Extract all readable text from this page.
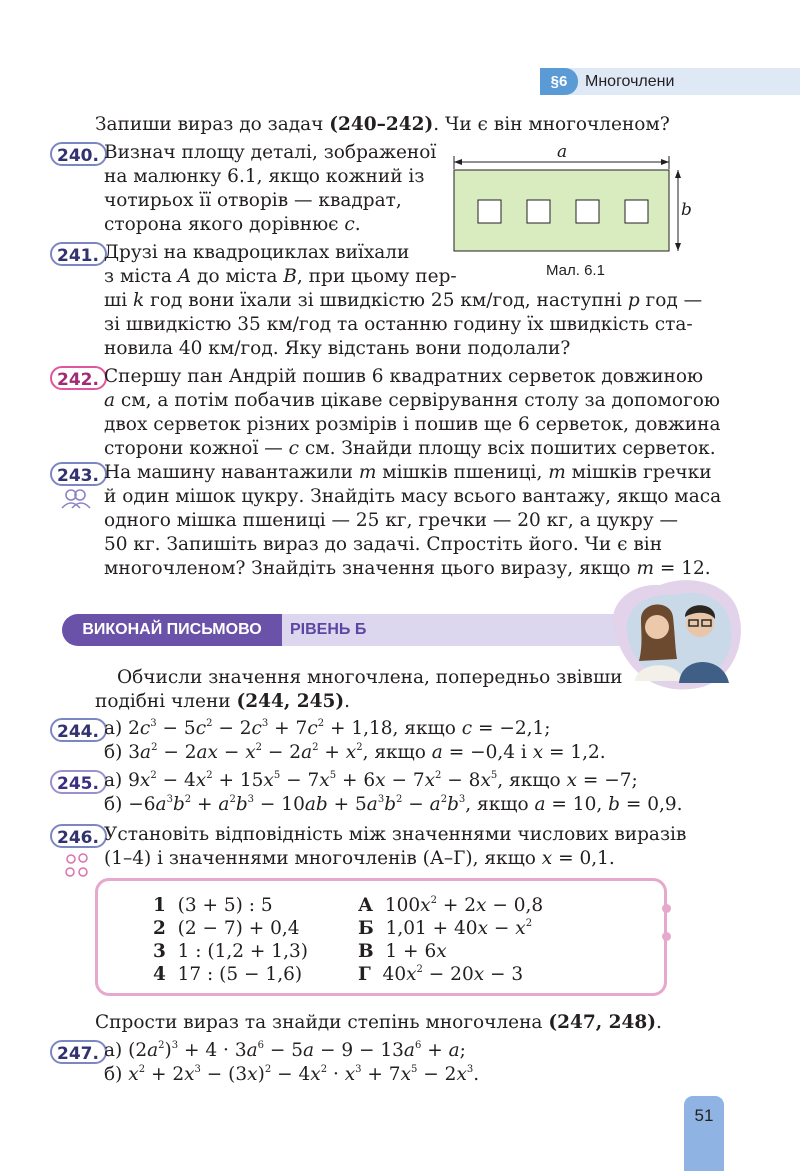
§6	Многочлени
Запиши вираз до задач (240–242). Чи є він многочленом?
240. Визнач площу деталі, зображеної
на малюнку 6.1, якщо кожний із
чотирьох її отворів — квадрат,
сторона якого дорівнює c.
a
b
Мал. 6.1
241. Друзі на квадроциклах виїхали
з міста A до міста B, при цьому пер-
ші k год вони їхали зі швидкістю 25 км/год, наступні p год —
зі швидкістю 35 км/год та останню годину їх швидкість ста-
новила 40 км/год. Яку відстань вони подолали?
242. Спершу пан Андрій пошив 6 квадратних серветок довжиною
a см, а потім побачив цікаве сервірування столу за допомогою
двох серветок різних розмірів і пошив ще 6 серветок, довжина
сторони кожної — c см. Знайди площу всіх пошитих серветок.
243. На машину навантажили m мішків пшениці, m мішків гречки
й один мішок цукру. Знайдіть масу всього вантажу, якщо маса
одного мішка пшениці — 25 кг, гречки — 20 кг, а цукру —
50 кг. Запишіть вираз до задачі. Спростіть його. Чи є він
многочленом? Знайдіть значення цього виразу, якщо m = 12.
ВИКОНАЙ ПИСЬМОВО	РІВЕНЬ Б
Обчисли значення многочлена, попередньо звівши
подібні члени (244, 245).
244. а) $2c^3 - 5c^2 - 2c^3 + 7c^2 + 1,18$, якщо c = −2,1;
б) $3a^2 - 2ax - x^2 - 2a^2 + x^2$, якщо a = −0,4 і x = 1,2.
245. а) $9x^2 - 4x^2 + 15x^5 - 7x^5 + 6x - 7x^2 - 8x^5$, якщо x = −7;
$б) -6a^3b^2 + a^2b^3 - 10ab + 5a^3b^2 - a^2b^3$, якщо a = 10, b = 0,9.
246. Установіть відповідність між значеннями числових виразів
(1–4) і значеннями многочленів (А–Г), якщо x = 0,1.
1 (3 + 5) : 5
2 (2 − 7) + 0,4
3 1 : (1,2 + 1,3)
4 17 : (5 − 1,6)
А $100x^2 + 2x - 0,8$
Б $1,01 + 40x - x^2$
В 1 + 6x
Г $40x^2 - 20x - 3$
Спрости вираз та знайди степінь многочлена (247, 248).
247. а) $(2a^2)^3 + 4 \cdot 3a^6 - 5a - 9 - 13a^6 + a$;
б) $x^2 + 2x^3 - (3x)^2 - 4x^2 \cdot x^3 + 7x^5 - 2x^3$.
51
